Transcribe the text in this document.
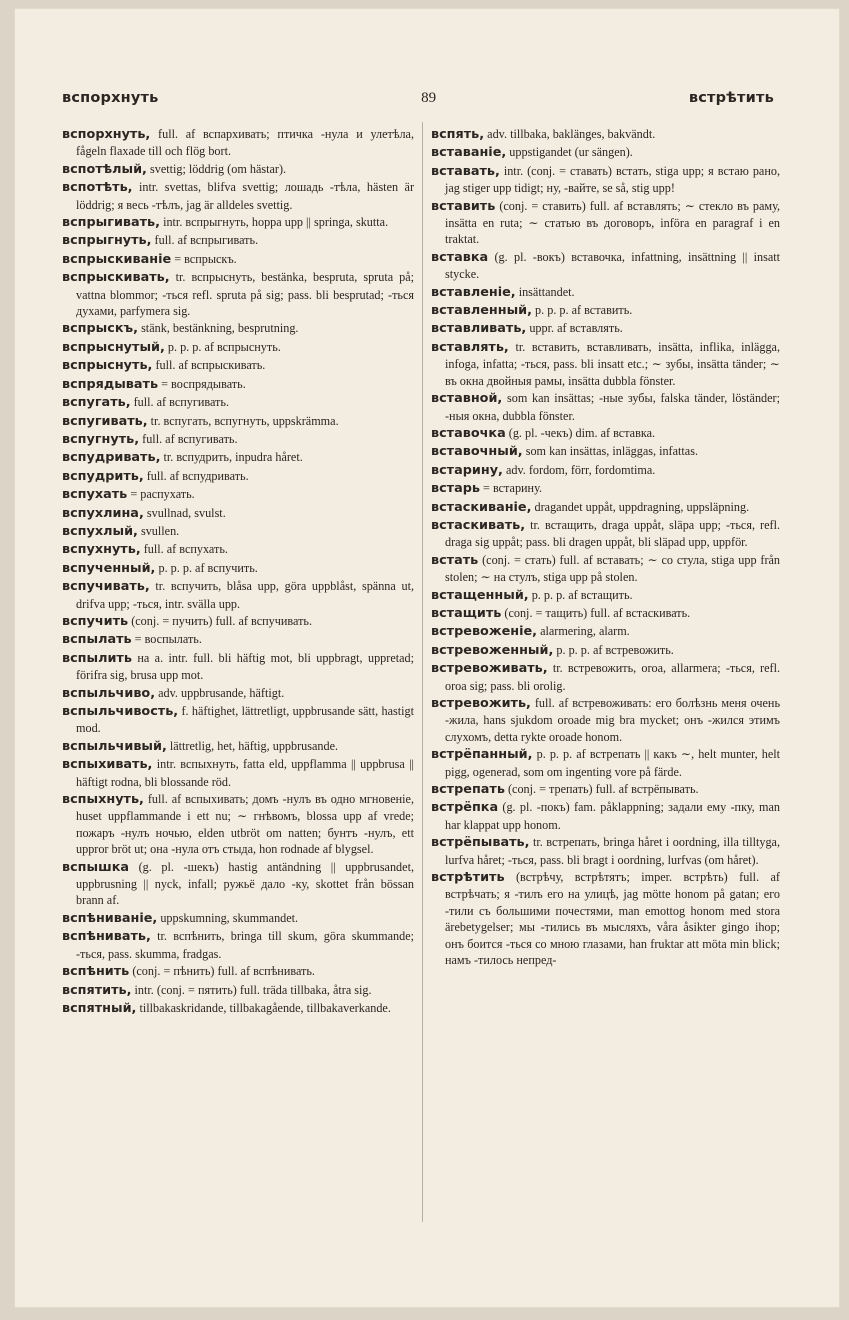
вспорхнуть	89	встрѣтить

вспорхнуть, full. af вспархивать; птичка -нула и улетѣла, fågeln flaxade till och flög bort.

вспотѣлый, svettig; löddrig (om hästar).

вспотѣть, intr. svettas, blifva svettig; лошадь -тѣла, hästen är löddrig; я весь -тѣлъ, jag är alldeles svettig.

вспрыгивать, intr. вспрыгнуть, hoppa upp || springa, skutta.

вспрыгнуть, full. af вспрыгивать.

вспрыскиваніе = вспрыскъ.

вспрыскивать, tr. вспрыснуть, bestänka, bespruta, spruta på; vattna blommor; -ться refl. spruta på sig; pass. bli besprutad; -ться духами, parfymera sig.

вспрыскъ, stänk, bestänkning, besprutning.

вспрыснутый, p. p. p. af вспрыснуть.

вспрыснуть, full. af вспрыскивать.

вспрядывать = воспрядывать.

вспугать, full. af вспугивать.

вспугивать, tr. вспугать, вспугнуть, uppskrämma.

вспугнуть, full. af вспугивать.

вспудривать, tr. вспудрить, inpudra håret.

вспудрить, full. af вспудривать.

вспухать = распухать.

вспухлина, svullnad, svulst.

вспухлый, svullen.

вспухнуть, full. af вспухать.

вспученный, p. p. p. af вспучить.

вспучивать, tr. вспучить, blåsa upp, göra uppblåst, spänna ut, drifva upp; -ться, intr. svälla upp.

вспучить (conj. = пучить) full. af вспучивать.

вспылать = воспылать.

вспылить на a. intr. full. bli häftig mot, bli uppbragt, uppretad; förifra sig, brusa upp mot.

вспыльчиво, adv. uppbrusande, häftigt.

вспыльчивость, f. häftighet, lättretligt, uppbrusande sätt, hastigt mod.

вспыльчивый, lättretlig, het, häftig, uppbrusande.

вспыхивать, intr. вспыхнуть, fatta eld, uppflamma || uppbrusa || häftigt rodna, bli blossande röd.

вспыхнуть, full. af вспыхивать; домъ -нулъ въ одно мгновеніе, huset uppflammande i ett nu; ∼ гнѣвомъ, blossa upp af vrede; пожаръ -нулъ ночью, elden utbröt om natten; бунтъ -нулъ, ett uppror bröt ut; она -нула отъ стыда, hon rodnade af blygsel.

вспышка (g. pl. -шекъ) hastig antändning || uppbrusandet, uppbrusning || nyck, infall; ружьё дало -ку, skottet från bössan brann af.

вспѣниваніе, uppskumning, skummandet.

вспѣнивать, tr. вспѣнить, bringa till skum, göra skummande; -ться, pass. skumma, fradgas.

вспѣнить (conj. = пѣнить) full. af вспѣнивать.

вспятить, intr. (conj. = пятить) full. träda tillbaka, åtra sig.

вспятный, tillbakaskridande, tillbakagående, tillbakaverkande.

вспять, adv. tillbaka, baklänges, bakvändt.

вставаніе, uppstigandet (ur sängen).

вставать, intr. (conj. = ставать) встать, stiga upp; я встаю рано, jag stiger upp tidigt; ну, -вайте, se så, stig upp!

вставить (conj. = ставить) full. af вставлять; ∼ стекло въ раму, insätta en ruta; ∼ статью въ договоръ, införa en paragraf i en traktat.

вставка (g. pl. -вокъ) вставочка, infattning, insättning || insatt stycke.

вставленіе, insättandet.

вставленный, p. p. p. af вставить.

вставливать, uppr. af вставлять.

вставлять, tr. вставить, вставливать, insätta, inflika, inlägga, infoga, infatta; -ться, pass. bli insatt etc.; ∼ зубы, insätta tänder; ∼ въ окна двойныя рамы, insätta dubbla fönster.

вставной, som kan insättas; -ные зубы, falska tänder, löständer; -ныя окна, dubbla fönster.

вставочка (g. pl. -чекъ) dim. af вставка.

вставочный, som kan insättas, inläggas, infattas.

встарину, adv. fordom, förr, fordomtima.

встарь = встарину.

встаскиваніе, dragandet uppåt, uppdragning, uppsläpning.

встаскивать, tr. встащить, draga uppåt, släpa upp; -ться, refl. draga sig uppåt; pass. bli dragen uppåt, bli släpad upp, uppför.

встать (conj. = стать) full. af вставать; ∼ со стула, stiga upp från stolen; ∼ на стулъ, stiga upp på stolen.

встащенный, p. p. p. af встащить.

встащить (conj. = тащить) full. af встаскивать.

встревоженіе, alarmering, alarm.

встревоженный, p. p. p. af встревожить.

встревоживать, tr. встревожить, oroa, allarmera; -ться, refl. oroa sig; pass. bli orolig.

встревожить, full. af встревоживать: его болѣзнь меня очень -жила, hans sjukdom oroade mig bra mycket; онъ -жился этимъ слухомъ, detta rykte oroade honom.

встрёпанный, p. p. p. af встрепать || какъ ∼, helt munter, helt pigg, ogenerad, som om ingenting vore på färde.

встрепать (conj. = трепать) full. af встрёпывать.

встрёпка (g. pl. -покъ) fam. påklappning; задали ему -пку, man har klappat upp honom.

встрёпывать, tr. встрепать, bringa håret i oordning, illa tilltyga, lurfva håret; -ться, pass. bli bragt i oordning, lurfvas (om håret).

встрѣтить (встрѣчу, встрѣтятъ; imper. встрѣть) full. af встрѣчать; я -тилъ его на улицѣ, jag mötte honom på gatan; его -тили съ большими почестями, man emottog honom med stora ärebetygelser; мы -тились въ мысляхъ, våra åsikter gingo ihop; онъ боится -ться со мною глазами, han fruktar att möta min blick; намъ -тилось непред-
